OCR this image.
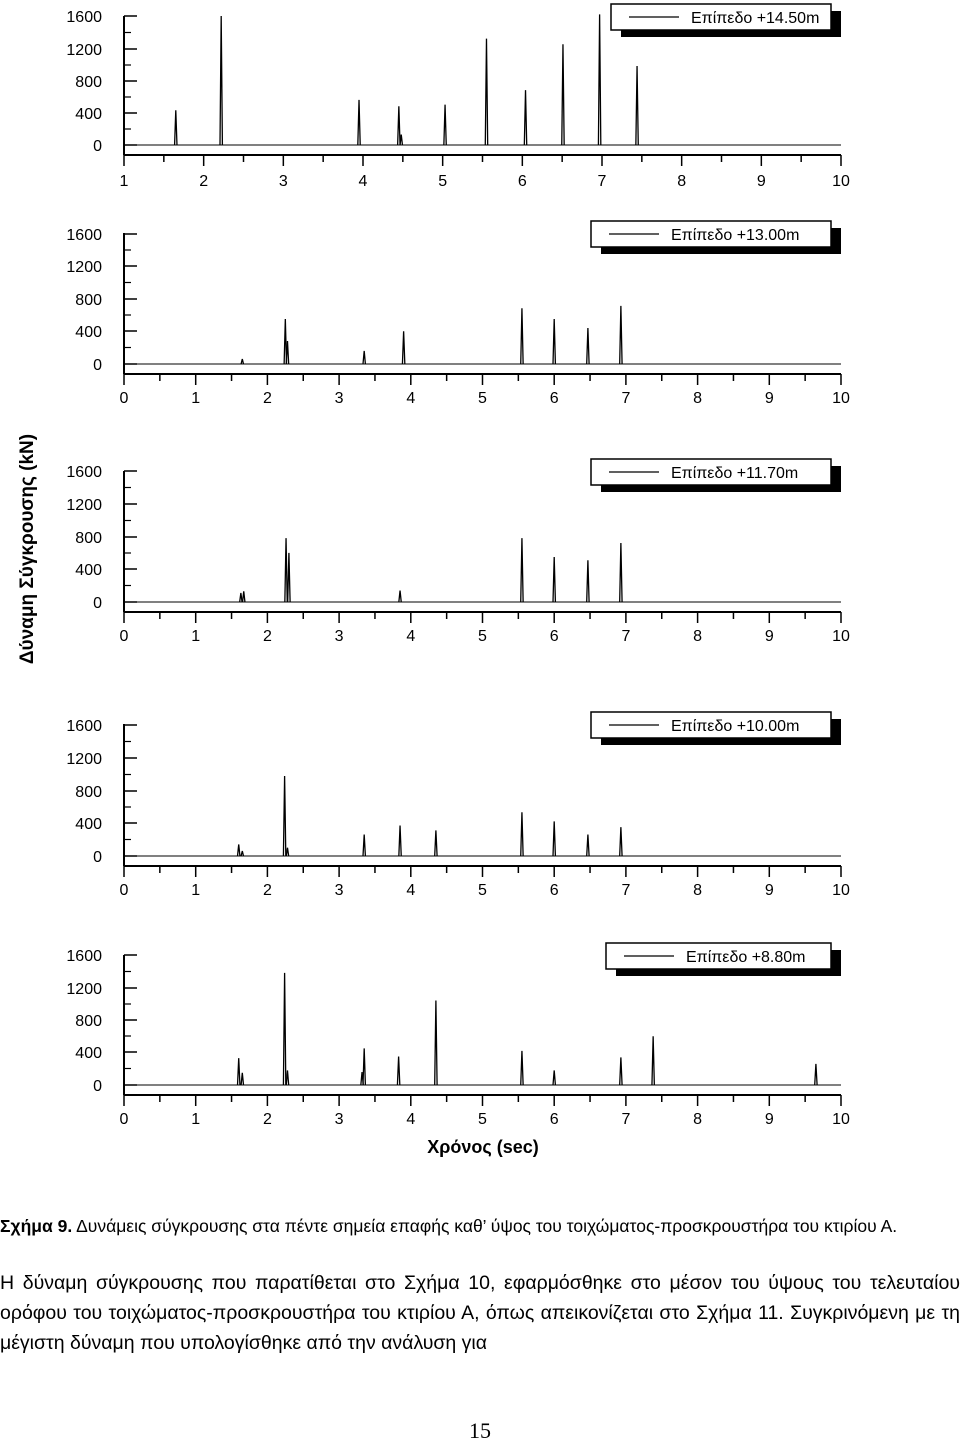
1600
1200
800
400
0
1	2	3	4	5	6	7	8	9	10
Επίπεδο +14.50m
1600
1200
800
400
0
0	1	2	3	4	5	6	7	8	9	10
Επίπεδο +13.00m
1600
1200
800
400
0
0	1	2	3	4	5	6	7	8	9	10
Επίπεδο +11.70m
1600
1200
800
400
0
0	1	2	3	4	5	6	7	8	9	10
Επίπεδο +10.00m
1600
1200
800
400
0
0	1	2	3	4	5	6	7	8	9	10
Επίπεδο +8.80m
Δύναμη Σύγκρουσης (kN)
Χρόνος (sec)
Σχήμα 9. Δυνάμεις σύγκρουσης στα πέντε σημεία επαφής καθ’ ύψος του τοιχώματος-προσκρουστήρα του κτιρίου Α.
Η δύναμη σύγκρουσης που παρατίθεται στο Σχήμα 10, εφαρμόσθηκε στο μέσον του ύψους του τελευταίου ορόφου του τοιχώματος-προσκρουστήρα του κτιρίου Α, όπως απεικονίζεται στο Σχήμα 11. Συγκρινόμενη με τη μέγιστη δύναμη που υπολογίσθηκε από την ανάλυση για
15
